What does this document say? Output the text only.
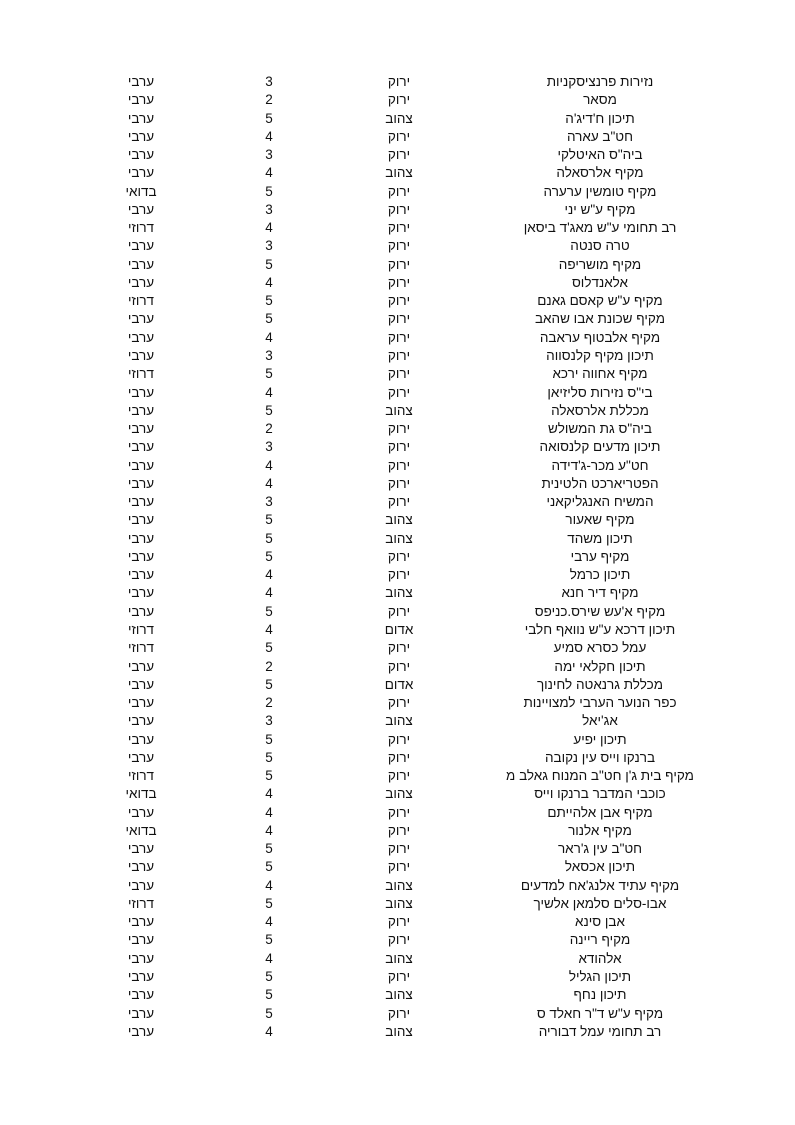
ערבי	3	ירוק	נזירות פרנציסקניות
ערבי	2	ירוק	מסאר
ערבי	5	צהוב	תיכון ח'דיג'ה
ערבי	4	ירוק	חט"ב עארה
ערבי	3	ירוק	ביה"ס האיטלקי
ערבי	4	צהוב	מקיף אלרסאלה
בדואי	5	ירוק	מקיף טומשין ערערה
ערבי	3	ירוק	מקיף ע"ש יני
דרוזי	4	ירוק	רב תחומי ע"ש מאג'ד ביסאן
ערבי	3	ירוק	טרה סנטה
ערבי	5	ירוק	מקיף מושריפה
ערבי	4	ירוק	אלאנדלוס
דרוזי	5	ירוק	מקיף ע"ש קאסם גאנם
ערבי	5	ירוק	מקיף שכונת אבו שהאב
ערבי	4	ירוק	מקיף אלבטוף עראבה
ערבי	3	ירוק	תיכון מקיף קלנסווה
דרוזי	5	ירוק	מקיף אחווה ירכא
ערבי	4	ירוק	בי"ס נזירות סליזיאן
ערבי	5	צהוב	מכללת אלרסאלה
ערבי	2	ירוק	ביה"ס גת המשולש
ערבי	3	ירוק	תיכון מדעים קלנסואה
ערבי	4	ירוק	חט"ע מכר-ג'דידה
ערבי	4	ירוק	הפטריארכט הלטינית
ערבי	3	ירוק	המשיח האנגליקאני
ערבי	5	צהוב	מקיף שאעור
ערבי	5	צהוב	תיכון משהד
ערבי	5	ירוק	מקיף ערבי
ערבי	4	ירוק	תיכון כרמל
ערבי	4	צהוב	מקיף דיר חנא
ערבי	5	ירוק	מקיף א'עש שירס.כניפס
דרוזי	4	אדום	תיכון דרכא ע"ש נוואף חלבי
דרוזי	5	ירוק	עמל כסרא סמיע
ערבי	2	ירוק	תיכון חקלאי ימה
ערבי	5	אדום	מכללת גרנאטה לחינוך
ערבי	2	ירוק	כפר הנוער הערבי למצויינות
ערבי	3	צהוב	אג'יאל
ערבי	5	ירוק	תיכון יפיע
ערבי	5	ירוק	ברנקו וייס עין נקובה
דרוזי	5	ירוק	מקיף בית ג'ן חט"ב המנוח גאלב מ
בדואי	4	צהוב	כוכבי המדבר ברנקו וייס
ערבי	4	ירוק	מקיף אבן אלהייתם
בדואי	4	ירוק	מקיף אלנור
ערבי	5	ירוק	חט"ב עין ג'ראר
ערבי	5	ירוק	תיכון אכסאל
ערבי	4	צהוב	מקיף עתיד אלנג'אח למדעים
דרוזי	5	צהוב	אבו-סלים סלמאן אלשיך
ערבי	4	ירוק	אבן סינא
ערבי	5	ירוק	מקיף ריינה
ערבי	4	צהוב	אלהודא
ערבי	5	ירוק	תיכון הגליל
ערבי	5	צהוב	תיכון נחף
ערבי	5	ירוק	מקיף ע"ש ד"ר חאלד ס
ערבי	4	צהוב	רב תחומי עמל דבוריה
